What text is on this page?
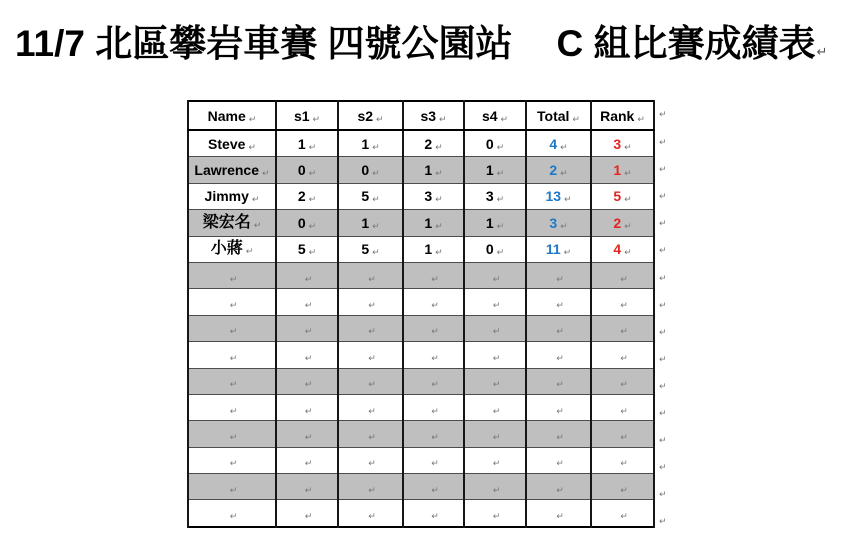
11/7 北區攀岩車賽 四號公園站 C 組比賽成績表↵
Name ↵	s1 ↵	s2 ↵	s3 ↵	s4 ↵	Total ↵	Rank ↵
Steve ↵	1 ↵	1 ↵	2 ↵	0 ↵	4 ↵	3 ↵
Lawrence ↵	0 ↵	0 ↵	1 ↵	1 ↵	2 ↵	1 ↵
Jimmy ↵	2 ↵	5 ↵	3 ↵	3 ↵	13 ↵	5 ↵
梁宏名 ↵	0 ↵	1 ↵	1 ↵	1 ↵	3 ↵	2 ↵
小蔣 ↵	5 ↵	5 ↵	1 ↵	0 ↵	11 ↵	4 ↵
↵	↵	↵	↵	↵	↵	↵
↵	↵	↵	↵	↵	↵	↵
↵	↵	↵	↵	↵	↵	↵
↵	↵	↵	↵	↵	↵	↵
↵	↵	↵	↵	↵	↵	↵
↵	↵	↵	↵	↵	↵	↵
↵	↵	↵	↵	↵	↵	↵
↵	↵	↵	↵	↵	↵	↵
↵	↵	↵	↵	↵	↵	↵
↵	↵	↵	↵	↵	↵	↵
↵
↵
↵
↵
↵
↵
↵
↵
↵
↵
↵
↵
↵
↵
↵
↵
